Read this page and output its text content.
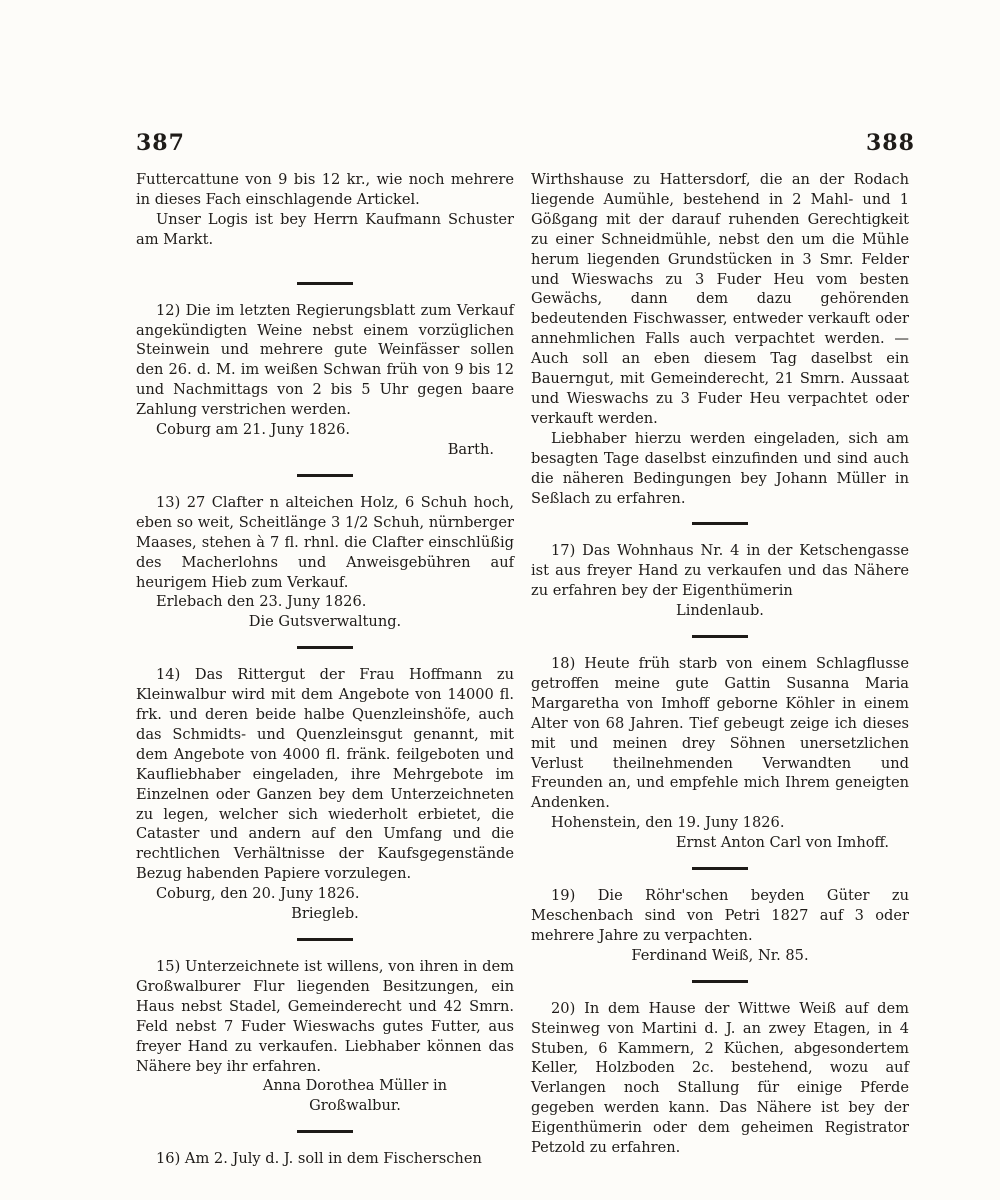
387	388

Futtercattune von 9 bis 12 kr., wie noch mehrere in dieses Fach einschlagende Artickel.

Unser Logis ist bey Herrn Kaufmann Schuster am Markt.

12) Die im letzten Regierungsblatt zum Verkauf angekündigten Weine nebst einem vorzüglichen Steinwein und mehrere gute Weinfässer sollen den 26. d. M. im weißen Schwan früh von 9 bis 12 und Nachmittags von 2 bis 5 Uhr gegen baare Zahlung verstrichen werden.

Coburg am 21. Juny 1826.

Barth.

13) 27 Clafter n alteichen Holz, 6 Schuh hoch, eben so weit, Scheitlänge 3 1/2 Schuh, nürnberger Maases, stehen à 7 fl. rhnl. die Clafter einschlüßig des Macherlohns und Anweisgebühren auf heurigem Hieb zum Verkauf.

Erlebach den 23. Juny 1826.

Die Gutsverwaltung.

14) Das Rittergut der Frau Hoffmann zu Kleinwalbur wird mit dem Angebote von 14000 fl. frk. und deren beide halbe Quenzleinshöfe, auch das Schmidts- und Quenzleinsgut genannt, mit dem Angebote von 4000 fl. fränk. feilgeboten und Kaufliebhaber eingeladen, ihre Mehrgebote im Einzelnen oder Ganzen bey dem Unterzeichneten zu legen, welcher sich wiederholt erbietet, die Cataster und andern auf den Umfang und die rechtlichen Verhältnisse der Kaufsgegenstände Bezug habenden Papiere vorzulegen.

Coburg, den 20. Juny 1826.

Briegleb.

15) Unterzeichnete ist willens, von ihren in dem Großwalburer Flur liegenden Besitzungen, ein Haus nebst Stadel, Gemeinderecht und 42 Smrn. Feld nebst 7 Fuder Wieswachs gutes Futter, aus freyer Hand zu verkaufen. Liebhaber können das Nähere bey ihr erfahren.

Anna Dorothea Müller in

Großwalbur.

16) Am 2. July d. J. soll in dem Fischerschen

Wirthshause zu Hattersdorf, die an der Rodach liegende Aumühle, bestehend in 2 Mahl- und 1 Gößgang mit der darauf ruhenden Gerechtigkeit zu einer Schneidmühle, nebst den um die Mühle herum liegenden Grundstücken in 3 Smr. Felder und Wieswachs zu 3 Fuder Heu vom besten Gewächs, dann dem dazu gehörenden bedeutenden Fischwasser, entweder verkauft oder annehmlichen Falls auch verpachtet werden. — Auch soll an eben diesem Tag daselbst ein Bauerngut, mit Gemeinderecht, 21 Smrn. Aussaat und Wieswachs zu 3 Fuder Heu verpachtet oder verkauft werden.

Liebhaber hierzu werden eingeladen, sich am besagten Tage daselbst einzufinden und sind auch die näheren Bedingungen bey Johann Müller in Seßlach zu erfahren.

17) Das Wohnhaus Nr. 4 in der Ketschengasse ist aus freyer Hand zu verkaufen und das Nähere zu erfahren bey der Eigenthümerin

Lindenlaub.

18) Heute früh starb von einem Schlagflusse getroffen meine gute Gattin Susanna Maria Margaretha von Imhoff geborne Köhler in einem Alter von 68 Jahren. Tief gebeugt zeige ich dieses mit und meinen drey Söhnen unersetzlichen Verlust theilnehmenden Verwandten und Freunden an, und empfehle mich Ihrem geneigten Andenken.

Hohenstein, den 19. Juny 1826.

Ernst Anton Carl von Imhoff.

19) Die Röhr'schen beyden Güter zu Meschenbach sind von Petri 1827 auf 3 oder mehrere Jahre zu verpachten.

Ferdinand Weiß, Nr. 85.

20) In dem Hause der Wittwe Weiß auf dem Steinweg von Martini d. J. an zwey Etagen, in 4 Stuben, 6 Kammern, 2 Küchen, abgesondertem Keller, Holzboden 2c. bestehend, wozu auf Verlangen noch Stallung für einige Pferde gegeben werden kann. Das Nähere ist bey der Eigenthümerin oder dem geheimen Registrator Petzold zu erfahren.
